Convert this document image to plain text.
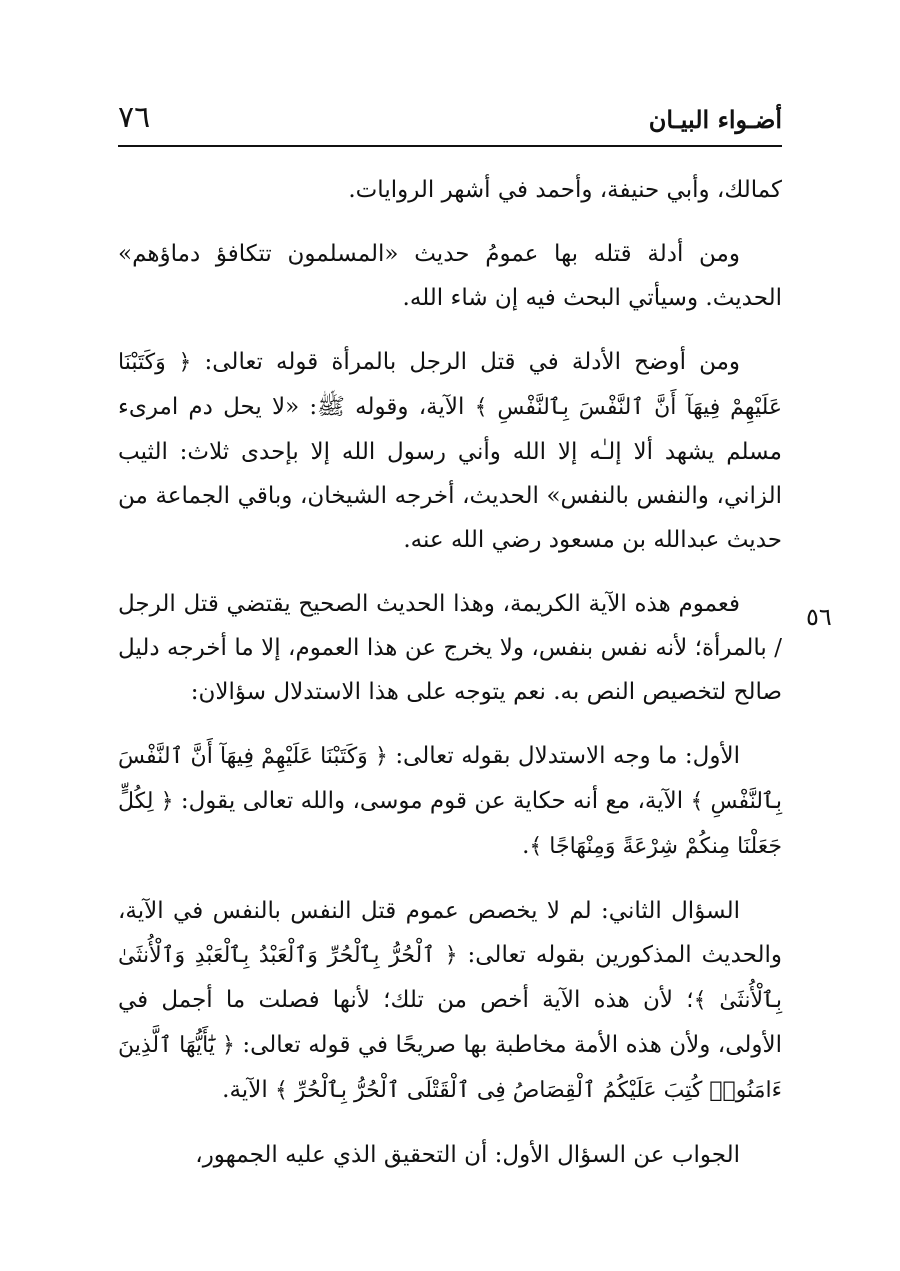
٧٦	أضـواء البيـان
٥٦

كمالك، وأبي حنيفة، وأحمد في أشهر الروايات.

ومن أدلة قتله بها عمومُ حديث «المسلمون تتكافؤ دماؤهم» الحديث. وسيأتي البحث فيه إن شاء الله.

ومن أوضح الأدلة في قتل الرجل بالمرأة قوله تعالى: ﴿ وَكَتَبْنَا عَلَيْهِمْ فِيهَآ أَنَّ ٱلنَّفْسَ بِٱلنَّفْسِ ﴾ الآية، وقوله ﷺ: «لا يحل دم امرىء مسلم يشهد ألا إلـٰه إلا الله وأني رسول الله إلا بإحدى ثلاث: الثيب الزاني، والنفس بالنفس» الحديث، أخرجه الشيخان، وباقي الجماعة من حديث عبدالله بن مسعود رضي الله عنه.

فعموم هذه الآية الكريمة، وهذا الحديث الصحيح يقتضي قتل الرجل / بالمرأة؛ لأنه نفس بنفس، ولا يخرج عن هذا العموم، إلا ما أخرجه دليل صالح لتخصيص النص به. نعم يتوجه على هذا الاستدلال سؤالان:

الأول: ما وجه الاستدلال بقوله تعالى: ﴿ وَكَتَبْنَا عَلَيْهِمْ فِيهَآ أَنَّ ٱلنَّفْسَ بِٱلنَّفْسِ ﴾ الآية، مع أنه حكاية عن قوم موسى، والله تعالى يقول: ﴿ لِكُلٍّ جَعَلْنَا مِنكُمْ شِرْعَةً وَمِنْهَاجًا ﴾.

السؤال الثاني: لم لا يخصص عموم قتل النفس بالنفس في الآية، والحديث المذكورين بقوله تعالى: ﴿ ٱلْحُرُّ بِٱلْحُرِّ وَٱلْعَبْدُ بِٱلْعَبْدِ وَٱلْأُنثَىٰ بِٱلْأُنثَىٰ ﴾؛ لأن هذه الآية أخص من تلك؛ لأنها فصلت ما أجمل في الأولى، ولأن هذه الأمة مخاطبة بها صريحًا في قوله تعالى: ﴿ يَٰٓأَيُّهَا ٱلَّذِينَ ءَامَنُوا۟ كُتِبَ عَلَيْكُمُ ٱلْقِصَاصُ فِى ٱلْقَتْلَى ٱلْحُرُّ بِٱلْحُرِّ ﴾ الآية.

الجواب عن السؤال الأول: أن التحقيق الذي عليه الجمهور،
